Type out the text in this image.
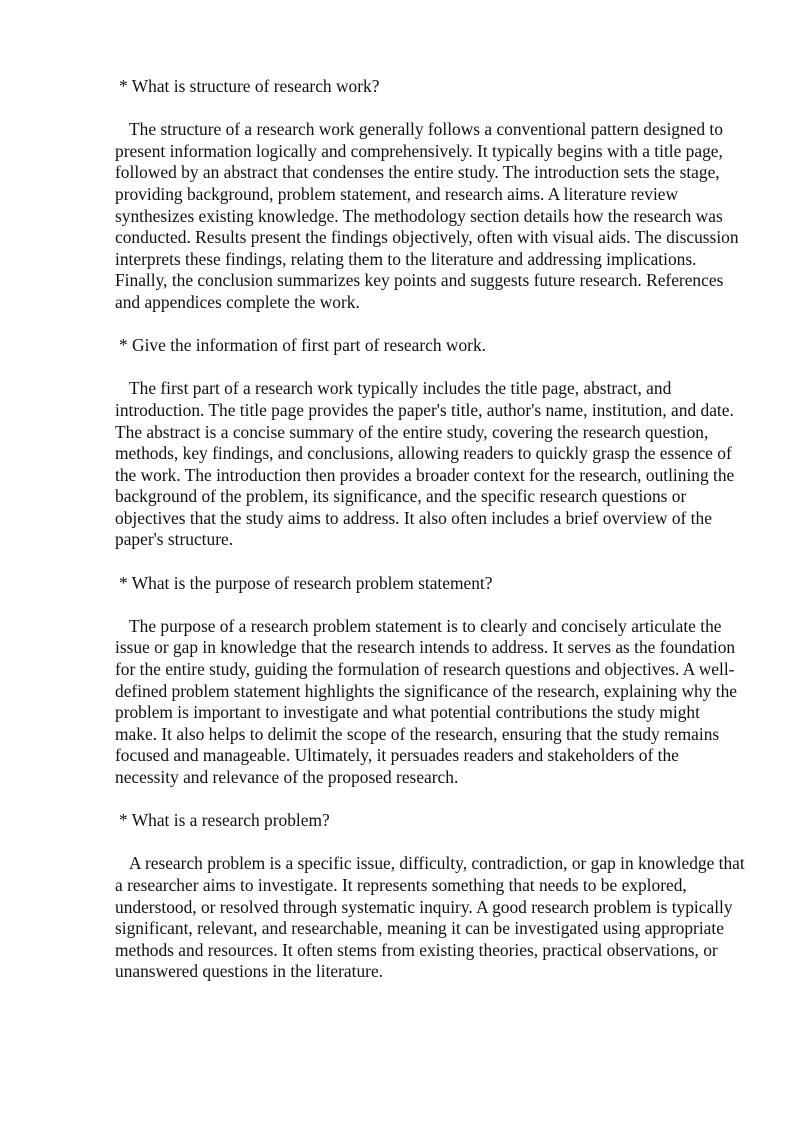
* What is structure of research work?

The structure of a research work generally follows a conventional pattern designed to present information logically and comprehensively. It typically begins with a title page, followed by an abstract that condenses the entire study. The introduction sets the stage, providing background, problem statement, and research aims. A literature review synthesizes existing knowledge. The methodology section details how the research was conducted. Results present the findings objectively, often with visual aids. The discussion interprets these findings, relating them to the literature and addressing implications. Finally, the conclusion summarizes key points and suggests future research. References and appendices complete the work.

* Give the information of first part of research work.

The first part of a research work typically includes the title page, abstract, and introduction. The title page provides the paper's title, author's name, institution, and date. The abstract is a concise summary of the entire study, covering the research question, methods, key findings, and conclusions, allowing readers to quickly grasp the essence of the work. The introduction then provides a broader context for the research, outlining the background of the problem, its significance, and the specific research questions or objectives that the study aims to address. It also often includes a brief overview of the paper's structure.

* What is the purpose of research problem statement?

The purpose of a research problem statement is to clearly and concisely articulate the issue or gap in knowledge that the research intends to address. It serves as the foundation for the entire study, guiding the formulation of research questions and objectives. A well-defined problem statement highlights the significance of the research, explaining why the problem is important to investigate and what potential contributions the study might make. It also helps to delimit the scope of the research, ensuring that the study remains focused and manageable. Ultimately, it persuades readers and stakeholders of the necessity and relevance of the proposed research.

* What is a research problem?

A research problem is a specific issue, difficulty, contradiction, or gap in knowledge that a researcher aims to investigate. It represents something that needs to be explored, understood, or resolved through systematic inquiry. A good research problem is typically significant, relevant, and researchable, meaning it can be investigated using appropriate methods and resources. It often stems from existing theories, practical observations, or unanswered questions in the literature.
